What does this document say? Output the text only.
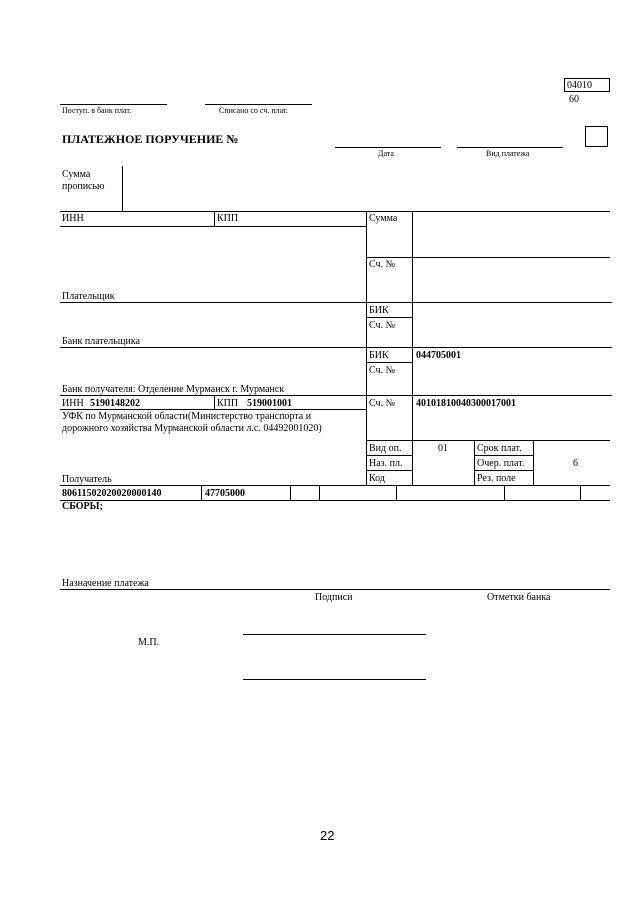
04010
60
Поступ. в банк плат.	Списано со сч. плат.
ПЛАТЕЖНОЕ ПОРУЧЕНИЕ №
Дата	Вид платежа
Сумма
прописью
ИНН	КПП	Сумма
Сч. №
Плательщик
БИК
Сч. №
Банк плательщика
БИК	044705001
Сч. №
Банк получателя: Отделение Мурманск г. Мурманск
ИНН 5190148202	КПП 519001001	Сч. № 40101810040300017001
УФК по Мурманской области(Министерство транспорта и
дорожного хозяйства Мурманской области л.с. 04492001020)
Вид оп.	01	Срок плат.
Наз. пл.	Очер. плат.	6
Код	Рез. поле
Получатель
80611502020020000140	47705000
СБОРЫ;
Назначение платежа
Подписи	Отметки банка
М.П.
22
